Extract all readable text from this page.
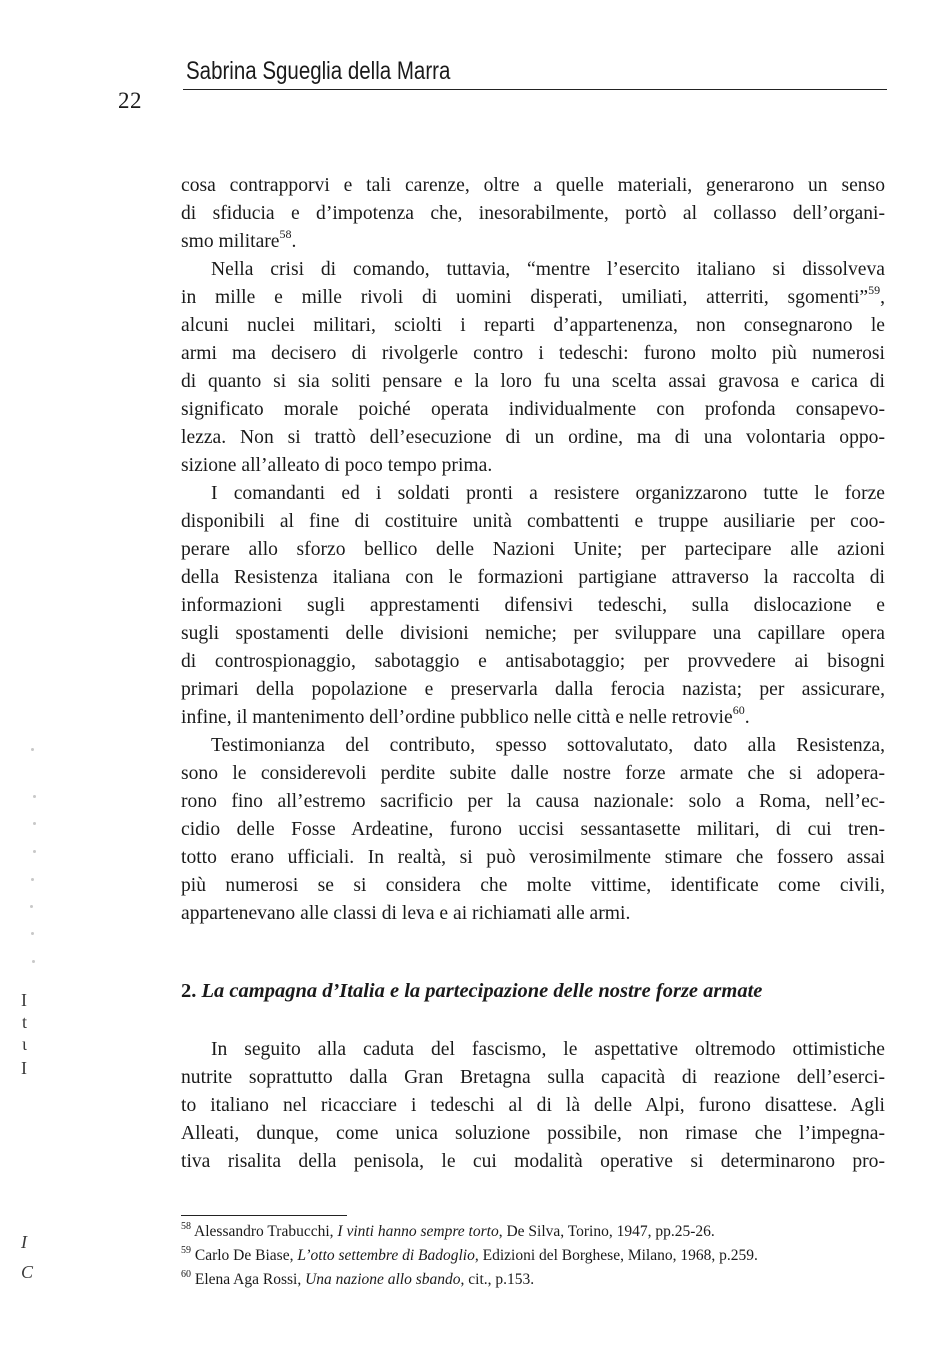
Sabrina Sgueglia della Marra
22
cosa contrapporvi e tali carenze, oltre a quelle materiali, generarono un senso
di sfiducia e d’impotenza che, inesorabilmente, portò al collasso dell’organi-
smo militare$^{58}$.
Nella crisi di comando, tuttavia, “mentre l’esercito italiano si dissolveva
in mille e mille rivoli di uomini disperati, umiliati, atterriti, sgomenti”$^{59}$,
alcuni nuclei militari, sciolti i reparti d’appartenenza, non consegnarono le
armi ma decisero di rivolgerle contro i tedeschi: furono molto più numerosi
di quanto si sia soliti pensare e la loro fu una scelta assai gravosa e carica di
significato morale poiché operata individualmente con profonda consapevo-
lezza. Non si trattò dell’esecuzione di un ordine, ma di una volontaria oppo-
sizione all’alleato di poco tempo prima.
I comandanti ed i soldati pronti a resistere organizzarono tutte le forze
disponibili al fine di costituire unità combattenti e truppe ausiliarie per coo-
perare allo sforzo bellico delle Nazioni Unite; per partecipare alle azioni
della Resistenza italiana con le formazioni partigiane attraverso la raccolta di
informazioni sugli apprestamenti difensivi tedeschi, sulla dislocazione e
sugli spostamenti delle divisioni nemiche; per sviluppare una capillare opera
di controspionaggio, sabotaggio e antisabotaggio; per provvedere ai bisogni
primari della popolazione e preservarla dalla ferocia nazista; per assicurare,
infine, il mantenimento dell’ordine pubblico nelle città e nelle retrovie$^{60}$.
Testimonianza del contributo, spesso sottovalutato, dato alla Resistenza,
sono le considerevoli perdite subite dalle nostre forze armate che si adopera-
rono fino all’estremo sacrificio per la causa nazionale: solo a Roma, nell’ec-
cidio delle Fosse Ardeatine, furono uccisi sessantasette militari, di cui tren-
totto erano ufficiali. In realtà, si può verosimilmente stimare che fossero assai
più numerosi se si considera che molte vittime, identificate come civili,
appartenevano alle classi di leva e ai richiamati alle armi.
2. La campagna d’Italia e la partecipazione delle nostre forze armate
In seguito alla caduta del fascismo, le aspettative oltremodo ottimistiche
nutrite soprattutto dalla Gran Bretagna sulla capacità di reazione dell’eserci-
to italiano nel ricacciare i tedeschi al di là delle Alpi, furono disattese. Agli
Alleati, dunque, come unica soluzione possibile, non rimase che l’impegna-
tiva risalita della penisola, le cui modalità operative si determinarono pro-
$^{58}$ Alessandro Trabucchi, I vinti hanno sempre torto, De Silva, Torino, 1947, pp.25-26.
$^{59}$ Carlo De Biase, L’otto settembre di Badoglio, Edizioni del Borghese, Milano, 1968, p.259.
$^{60}$ Elena Aga Rossi, Una nazione allo sbando, cit., p.153.
I
t
ι
I
I
C
